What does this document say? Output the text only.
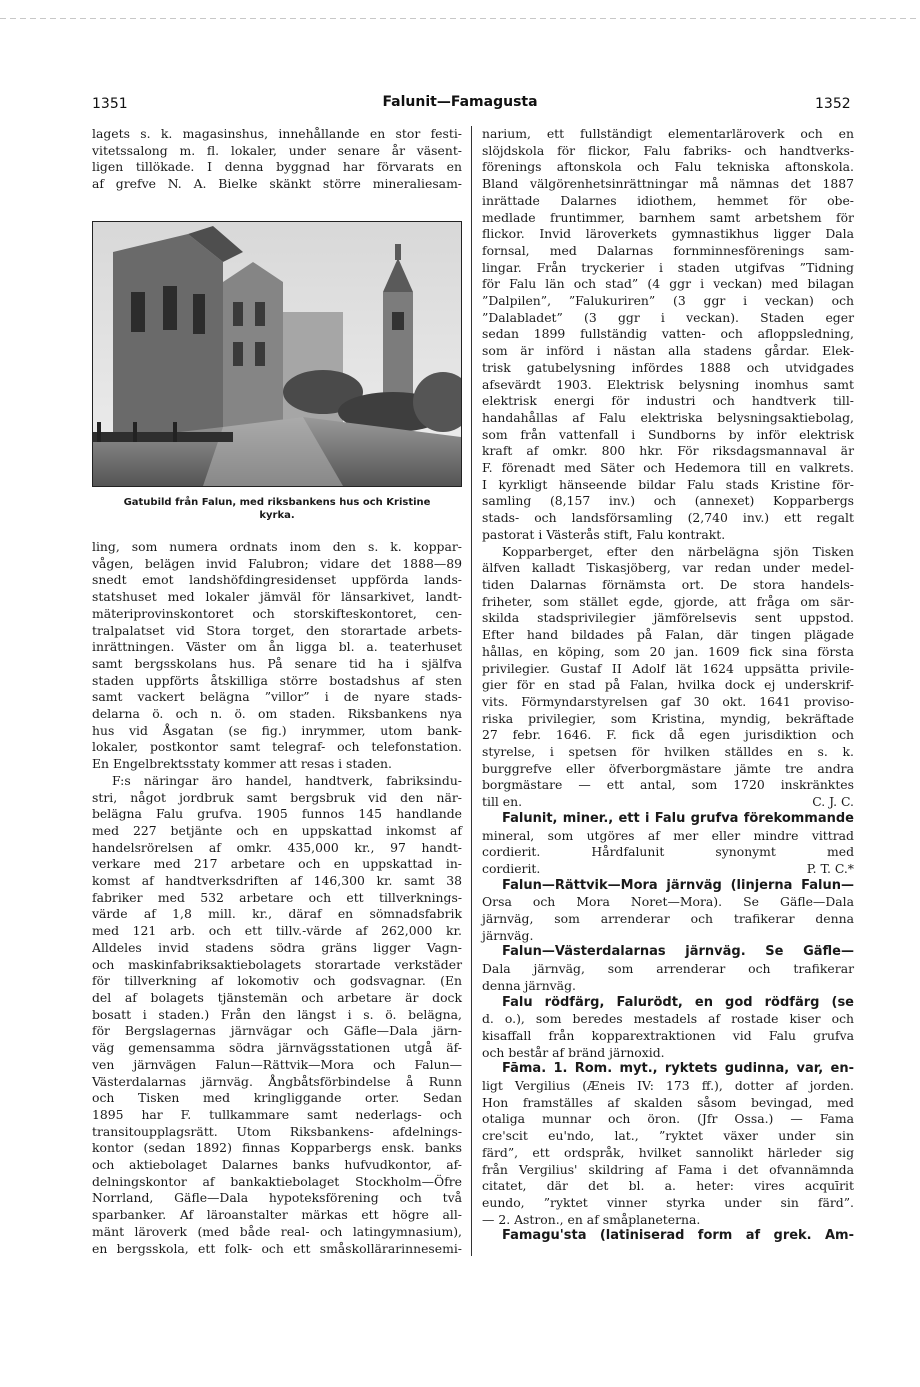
1351	Falunit—Famagusta	1352
lagets s. k. magasinshus, innehållande en stor festi-
vitetssalong m. fl. lokaler, under senare år väsent-
ligen tillökade. I denna byggnad har förvarats en
af grefve N. A. Bielke skänkt större mineraliesam-
Gatubild från Falun, med riksbankens hus och Kristine
kyrka.
ling, som numera ordnats inom den s. k. koppar-
vågen, belägen invid Falubron; vidare det 1888—89
snedt emot landshöfdingresidenset uppförda lands-
statshuset med lokaler jämväl för länsarkivet, landt-
mäteriprovinskontoret och storskifteskontoret, cen-
tralpalatset vid Stora torget, den storartade arbets-
inrättningen. Väster om ån ligga bl. a. teaterhuset
samt bergsskolans hus. På senare tid ha i själfva
staden uppförts åtskilliga större bostadshus af sten
samt vackert belägna ”villor” i de nyare stads-
delarna ö. och n. ö. om staden. Riksbankens nya
hus vid Åsgatan (se fig.) inrymmer, utom bank-
lokaler, postkontor samt telegraf- och telefonstation.
En Engelbrektsstaty kommer att resas i staden.
F:s näringar äro handel, handtverk, fabriksindu-
stri, något jordbruk samt bergsbruk vid den när-
belägna Falu grufva. 1905 funnos 145 handlande
med 227 betjänte och en uppskattad inkomst af
handelsrörelsen af omkr. 435,000 kr., 97 handt-
verkare med 217 arbetare och en uppskattad in-
komst af handtverksdriften af 146,300 kr. samt 38
fabriker med 532 arbetare och ett tillverknings-
värde af 1,8 mill. kr., däraf en sömnadsfabrik
med 121 arb. och ett tillv.-värde af 262,000 kr.
Alldeles invid stadens södra gräns ligger Vagn-
och maskinfabriksaktiebolagets storartade verkstäder
för tillverkning af lokomotiv och godsvagnar. (En
del af bolagets tjänstemän och arbetare är dock
bosatt i staden.) Från den längst i s. ö. belägna,
för Bergslagernas järnvägar och Gäfle—Dala järn-
väg gemensamma södra järnvägsstationen utgå äf-
ven järnvägen Falun—Rättvik—Mora och Falun—
Västerdalarnas järnväg. Ångbåtsförbindelse å Runn
och Tisken med kringliggande orter. Sedan
1895 har F. tullkammare samt nederlags- och
transitoupplagsrätt. Utom Riksbankens- afdelnings-
kontor (sedan 1892) finnas Kopparbergs ensk. banks
och aktiebolaget Dalarnes banks hufvudkontor, af-
delningskontor af bankaktiebolaget Stockholm—Öfre
Norrland, Gäfle—Dala hypoteksförening och två
sparbanker. Af läroanstalter märkas ett högre all-
mänt läroverk (med både real- och latingymnasium),
en bergsskola, ett folk- och ett småskollärarinnesemi-
narium, ett fullständigt elementarläroverk och en
slöjdskola för flickor, Falu fabriks- och handtverks-
förenings aftonskola och Falu tekniska aftonskola.
Bland välgörenhetsinrättningar må nämnas det 1887
inrättade Dalarnes idiothem, hemmet för obe-
medlade fruntimmer, barnhem samt arbetshem för
flickor. Invid läroverkets gymnastikhus ligger Dala
fornsal, med Dalarnas fornminnesförenings sam-
lingar. Från tryckerier i staden utgifvas ”Tidning
för Falu län och stad” (4 ggr i veckan) med bilagan
”Dalpilen”, ”Falukuriren” (3 ggr i veckan) och
”Dalabladet” (3 ggr i veckan). Staden eger
sedan 1899 fullständig vatten- och afloppsledning,
som är införd i nästan alla stadens gårdar. Elek-
trisk gatubelysning infördes 1888 och utvidgades
afsevärdt 1903. Elektrisk belysning inomhus samt
elektrisk energi för industri och handtverk till-
handahållas af Falu elektriska belysningsaktiebolag,
som från vattenfall i Sundborns by inför elektrisk
kraft af omkr. 800 hkr. För riksdagsmannaval är
F. förenadt med Säter och Hedemora till en valkrets.
I kyrkligt hänseende bildar Falu stads Kristine för-
samling (8,157 inv.) och (annexet) Kopparbergs
stads- och landsförsamling (2,740 inv.) ett regalt
pastorat i Västerås stift, Falu kontrakt.
Kopparberget, efter den närbelägna sjön Tisken
älfven kalladt Tiskasjöberg, var redan under medel-
tiden Dalarnas förnämsta ort. De stora handels-
friheter, som stället egde, gjorde, att fråga om sär-
skilda stadsprivilegier jämförelsevis sent uppstod.
Efter hand bildades på Falan, där tingen plägade
hållas, en köping, som 20 jan. 1609 fick sina första
privilegier. Gustaf II Adolf lät 1624 uppsätta privile-
gier för en stad på Falan, hvilka dock ej underskrif-
vits. Förmyndarstyrelsen gaf 30 okt. 1641 proviso-
riska privilegier, som Kristina, myndig, bekräftade
27 febr. 1646. F. fick då egen jurisdiktion och
styrelse, i spetsen för hvilken ställdes en s. k.
burggrefve eller öfverborgmästare jämte tre andra
borgmästare — ett antal, som 1720 inskränktes
till en.	C. J. C.
Falunit, miner., ett i Falu grufva förekommande
mineral, som utgöres af mer eller mindre vittrad
cordierit. Hårdfalunit synonymt med
cordierit.	P. T. C.*
Falun—Rättvik—Mora järnväg (linjerna Falun—
Orsa och Mora Noret—Mora). Se Gäfle—Dala
järnväg, som arrenderar och trafikerar denna
järnväg.
Falun—Västerdalarnas järnväg. Se Gäfle—
Dala järnväg, som arrenderar och trafikerar
denna järnväg.
Falu rödfärg, Falurödt, en god rödfärg (se
d. o.), som beredes mestadels af rostade kiser och
kisaffall från kopparextraktionen vid Falu grufva
och består af bränd järnoxid.
Fāma. 1. Rom. myt., ryktets gudinna, var, en-
ligt Vergilius (Æneis IV: 173 ff.), dotter af jorden.
Hon framställes af skalden såsom bevingad, med
otaliga munnar och öron. (Jfr Ossa.) — Fama
cre'scit eu'ndo, lat., ”ryktet växer under sin
färd”, ett ordspråk, hvilket sannolikt härleder sig
från Vergilius' skildring af Fama i det ofvannämnda
citatet, där det bl. a. heter: vires acquīrit
eundo, ”ryktet vinner styrka under sin färd”.
— 2. Astron., en af småplaneterna.
Famagu'sta (latiniserad form af grek. Am-
